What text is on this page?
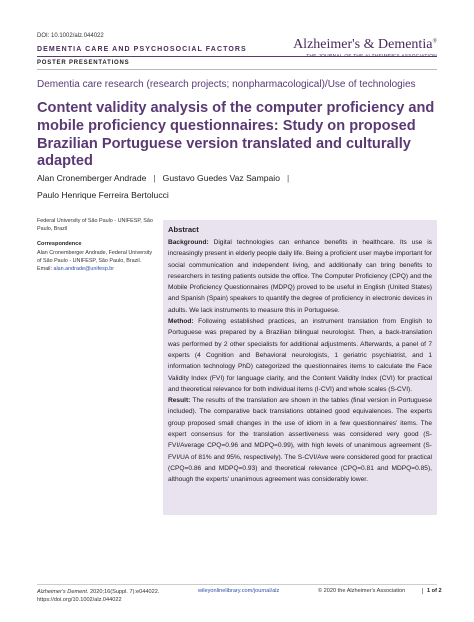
DOI: 10.1002/alz.044022
DEMENTIA CARE AND PSYCHOSOCIAL FACTORS
POSTER PRESENTATIONS
Alzheimer's & Dementia®
THE JOURNAL OF THE ALZHEIMER'S ASSOCIATION
Dementia care research (research projects; nonpharmacological)/Use of technologies
Content validity analysis of the computer proficiency and mobile proficiency questionnaires: Study on proposed Brazilian Portuguese version translated and culturally adapted
Alan Cronemberger Andrade | Gustavo Guedes Vaz Sampaio |
Paulo Henrique Ferreira Bertolucci
Federal University of São Paulo - UNIFESP, São Paulo, Brazil
Correspondence
Alan Cronemberger Andrade, Federal University of São Paulo - UNIFESP, São Paulo, Brazil.
Email: alan.andrade@unifesp.br
Abstract

Background: Digital technologies can enhance benefits in healthcare. Its use is increasingly present in elderly people daily life. Being a proficient user maybe important for social communication and independent living, and additionally can bring benefits to researchers in testing patients outside the office. The Computer Proficiency (CPQ) and the Mobile Proficiency Questionnaires (MDPQ) proved to be useful in English (United States) and Spanish (Spain) speakers to quantify the degree of proficiency in electronic devices in adults. We lack instruments to measure this in Portuguese.

Method: Following established practices, an instrument translation from English to Portuguese was prepared by a Brazilian bilingual neurologist. Then, a back-translation was performed by 2 other specialists for additional adjustments. Afterwards, a panel of 7 experts (4 Cognition and Behavioral neurologists, 1 geriatric psychiatrist, and 1 information technology PhD) categorized the questionnaires items to calculate the Face Validity Index (FVI) for language clarity, and the Content Validity Index (CVI) for practical and theoretical relevance for both individual items (I-CVI) and whole scales (S-CVI).

Result: The results of the translation are shown in the tables (final version in Portuguese included). The comparative back translations obtained good equivalences. The experts group proposed small changes in the use of idiom in a few questionnaires' items. The expert consensus for the translation assertiveness was considered very good (S-FVI/Average CPQ=0.96 and MDPQ=0.99), with high levels of unanimous agreement (S-FVI/UA of 81% and 95%, respectively). The S-CVI/Ave were considered good for practical (CPQ=0.86 and MDPQ=0.93) and theoretical relevance (CPQ=0.81 and MDPQ=0.85), although the experts' unanimous agreement was considerably lower.

Alzheimer's Dement. 2020;16(Suppl. 7):e044022.
https://doi.org/10.1002/alz.044022
wileyonlinelibrary.com/journal/alz	© 2020 the Alzheimer's Association	1 of 2
